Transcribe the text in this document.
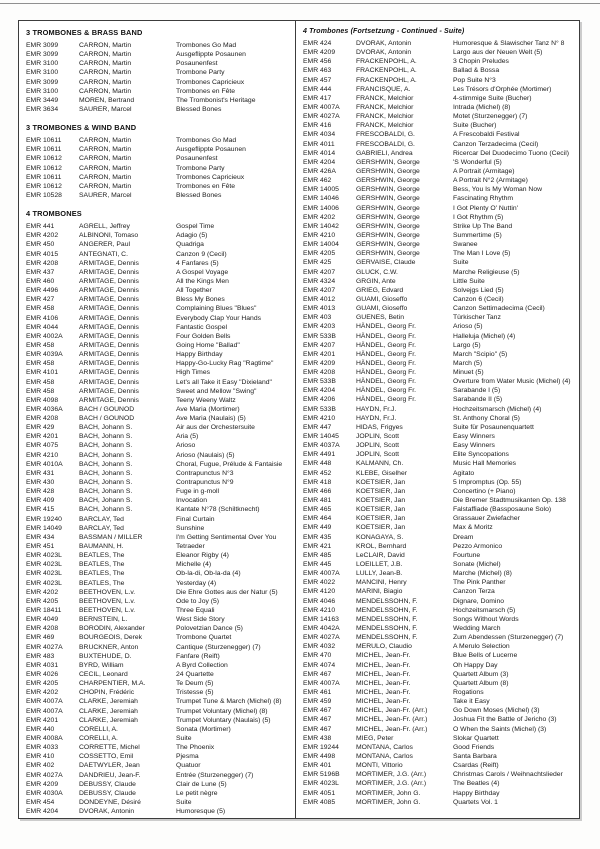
3 TROMBONES & BRASS BAND
EMR 3099	CARRON, Martin	Trombones Go Mad
EMR 3099	CARRON, Martin	Ausgeflippte Posaunen
EMR 3100	CARRON, Martin	Posaunenfest
EMR 3100	CARRON, Martin	Trombone Party
EMR 3099	CARRON, Martin	Trombones Capricieux
EMR 3100	CARRON, Martin	Trombones en Fête
EMR 3449	MOREN, Bertrand	The Trombonist's Heritage
EMR 3634	SAURER, Marcel	Blessed Bones
3 TROMBONES & WIND BAND
EMR 10611	CARRON, Martin	Trombones Go Mad
EMR 10611	CARRON, Martin	Ausgeflippte Posaunen
EMR 10612	CARRON, Martin	Posaunenfest
EMR 10612	CARRON, Martin	Trombone Party
EMR 10611	CARRON, Martin	Trombones Capricieux
EMR 10612	CARRON, Martin	Trombones en Fête
EMR 10528	SAURER, Marcel	Blessed Bones
4 TROMBONES
EMR 441	AGRELL, Jeffrey	Gospel Time
EMR 4202	ALBINONI, Tomaso	Adagio (5)
EMR 450	ANGERER, Paul	Quadriga
EMR 4015	ANTEGNATI, C.	Canzon 9 (Cecil)
EMR 4208	ARMITAGE, Dennis	4 Fanfares (5)
EMR 437	ARMITAGE, Dennis	A Gospel Voyage
EMR 460	ARMITAGE, Dennis	All the Kings Men
EMR 4496	ARMITAGE, Dennis	All Together
EMR 427	ARMITAGE, Dennis	Bless My Bones
EMR 458	ARMITAGE, Dennis	Complaining Blues "Blues"
EMR 4106	ARMITAGE, Dennis	Everybody Clap Your Hands
EMR 4044	ARMITAGE, Dennis	Fantastic Gospel
EMR 4002A	ARMITAGE, Dennis	Four Golden Bells
EMR 458	ARMITAGE, Dennis	Going Home "Ballad"
EMR 4039A	ARMITAGE, Dennis	Happy Birthday
EMR 458	ARMITAGE, Dennis	Happy-Go-Lucky Rag "Ragtime"
EMR 4101	ARMITAGE, Dennis	High Times
EMR 458	ARMITAGE, Dennis	Let's all Take it Easy "Dixieland"
EMR 458	ARMITAGE, Dennis	Sweet and Mellow "Swing"
EMR 4098	ARMITAGE, Dennis	Teeny Weeny Waltz
EMR 4036A	BACH / GOUNOD	Ave Maria (Mortimer)
EMR 4208	BACH / GOUNOD	Ave Maria (Naulais) (5)
EMR 429	BACH, Johann S.	Air aus der Orchestersuite
EMR 4201	BACH, Johann S.	Aria (5)
EMR 4075	BACH, Johann S.	Arioso
EMR 4210	BACH, Johann S.	Arioso (Naulais) (5)
EMR 4010A	BACH, Johann S.	Choral, Fugue, Prélude & Fantaisie
EMR 431	BACH, Johann S.	Contrapunctus N°3
EMR 430	BACH, Johann S.	Contrapunctus N°9
EMR 428	BACH, Johann S.	Fuge in g-moll
EMR 409	BACH, Johann S.	Invocation
EMR 415	BACH, Johann S.	Kantate N°78 (Schiltknecht)
EMR 19240	BARCLAY, Ted	Final Curtain
EMR 14049	BARCLAY, Ted	Sunshine
EMR 434	BASSMAN / MILLER	I'm Getting Sentimental Over You
EMR 451	BAUMANN, H.	Tetraeder
EMR 4023L	BEATLES, The	Eleanor Rigby (4)
EMR 4023L	BEATLES, The	Michelle (4)
EMR 4023L	BEATLES, The	Ob-la-di, Ob-la-da (4)
EMR 4023L	BEATLES, The	Yesterday (4)
EMR 4202	BEETHOVEN, L.v.	Die Ehre Gottes aus der Natur (5)
EMR 4205	BEETHOVEN, L.v.	Ode to Joy (5)
EMR 18411	BEETHOVEN, L.v.	Three Equali
EMR 4049	BERNSTEIN, L.	West Side Story
EMR 4208	BORODIN, Alexander	Polovetzian Dance (5)
EMR 469	BOURGEOIS, Derek	Trombone Quartet
EMR 4027A	BRUCKNER, Anton	Cantique (Sturzenegger) (7)
EMR 483	BUXTEHUDE, D.	Fanfare (Reift)
EMR 4031	BYRD, William	A Byrd Collection
EMR 4026	CECIL, Leonard	24 Quartette
EMR 4205	CHARPENTIER, M.A.	Te Deum (5)
EMR 4202	CHOPIN, Frédéric	Tristesse (5)
EMR 4007A	CLARKE, Jeremiah	Trumpet Tune & March (Michel) (8)
EMR 4007A	CLARKE, Jeremiah	Trumpet Voluntary (Michel) (8)
EMR 4201	CLARKE, Jeremiah	Trumpet Voluntary (Naulais) (5)
EMR 440	CORELLI, A.	Sonata (Mortimer)
EMR 4008A	CORELLI, A.	Suite
EMR 4033	CORRETTE, Michel	The Phoenix
EMR 410	COSSETTO, Emil	Pjesma
EMR 402	DAETWYLER, Jean	Quatuor
EMR 4027A	DANDRIEU, Jean-F.	Entrée (Sturzenegger) (7)
EMR 4209	DEBUSSY, Claude	Clair de Lune (5)
EMR 4030A	DEBUSSY, Claude	Le petit nègre
EMR 454	DONDEYNE, Désiré	Suite
EMR 4204	DVORAK, Antonin	Humoresque (5)
4 Trombones (Fortsetzung - Continued - Suite)
EMR 424	DVORAK, Antonin	Humoresque & Slawischer Tanz N° 8
EMR 4209	DVORAK, Antonin	Largo aus der Neuen Welt (5)
EMR 456	FRACKENPOHL, A.	3 Chopin Preludes
EMR 463	FRACKENPOHL, A.	Ballad & Bossa
EMR 457	FRACKENPOHL, A.	Pop Suite N°3
EMR 444	FRANCISQUE, A.	Les Trésors d'Orphée (Mortimer)
EMR 417	FRANCK, Melchior	4-stimmige Suite (Bucher)
EMR 4007A	FRANCK, Melchior	Intrada (Michel) (8)
EMR 4027A	FRANCK, Melchior	Motet (Sturzenegger) (7)
EMR 416	FRANCK, Melchior	Suite (Bucher)
EMR 4034	FRESCOBALDI, G.	A Frescobaldi Festival
EMR 4011	FRESCOBALDI, G.	Canzon Terzadecima (Cecil)
EMR 4014	GABRIELI, Andrea	Ricercar Del Duodecimo Tuono (Cecil)
EMR 4204	GERSHWIN, George	'S Wonderful (5)
EMR 426A	GERSHWIN, George	A Portrait (Armitage)
EMR 462	GERSHWIN, George	A Portrait N°2 (Armitage)
EMR 14005	GERSHWIN, George	Bess, You Is My Woman Now
EMR 14046	GERSHWIN, George	Fascinating Rhythm
EMR 14006	GERSHWIN, George	I Got Plenty O' Nuttin'
EMR 4202	GERSHWIN, George	I Got Rhythm (5)
EMR 14042	GERSHWIN, George	Strike Up The Band
EMR 4210	GERSHWIN, George	Summertime (5)
EMR 14004	GERSHWIN, George	Swanee
EMR 4205	GERSHWIN, George	The Man I Love (5)
EMR 425	GERVAISE, Claude	Suite
EMR 4207	GLUCK, C.W.	Marche Religieuse (5)
EMR 4324	GRGIN, Ante	Little Suite
EMR 4207	GRIEG, Edvard	Solvejgs Lied (5)
EMR 4012	GUAMI, Gioseffo	Canzon 6 (Cecil)
EMR 4013	GUAMI, Gioseffo	Canzon Settimadecima (Cecil)
EMR 403	GUENES, Betin	Türkischer Tanz
EMR 4203	HÄNDEL, Georg Fr.	Arioso (5)
EMR 533B	HÄNDEL, Georg Fr.	Halleluja (Michel) (4)
EMR 4207	HÄNDEL, Georg Fr.	Largo (5)
EMR 4201	HÄNDEL, Georg Fr.	March "Scipio" (5)
EMR 4209	HÄNDEL, Georg Fr.	March (5)
EMR 4208	HÄNDEL, Georg Fr.	Minuet (5)
EMR 533B	HÄNDEL, Georg Fr.	Overture from Water Music (Michel) (4)
EMR 4204	HÄNDEL, Georg Fr.	Sarabande I (5)
EMR 4206	HÄNDEL, Georg Fr.	Sarabande II (5)
EMR 533B	HAYDN, Fr.J.	Hochzeitsmarsch (Michel) (4)
EMR 4210	HAYDN, Fr.J.	St. Anthony Choral (5)
EMR 447	HIDAS, Frigyes	Suite für Posaunenquartett
EMR 14045	JOPLIN, Scott	Easy Winners
EMR 4037A	JOPLIN, Scott	Easy Winners
EMR 4491	JOPLIN, Scott	Elite Syncopations
EMR 448	KALMANN, Ch.	Music Hall Memories
EMR 452	KLEBE, Giselher	Agitato
EMR 418	KOETSIER, Jan	5 Impromptus (Op. 55)
EMR 466	KOETSIER, Jan	Concertino (+ Piano)
EMR 481	KOETSIER, Jan	Die Bremer Stadtmusikanten Op. 138
EMR 465	KOETSIER, Jan	Falstaffiade (Bassposaune Solo)
EMR 464	KOETSIER, Jan	Grassauer Zwiefacher
EMR 449	KOETSIER, Jan	Max & Moritz
EMR 435	KONAGAYA, S.	Dream
EMR 421	KROL, Bernhard	Pezzo Armonico
EMR 485	LeCLAIR, David	Fourtune
EMR 445	LOEILLET, J.B.	Sonate (Michel)
EMR 4007A	LULLY, Jean-B.	Marche (Michel) (8)
EMR 4022	MANCINI, Henry	The Pink Panther
EMR 4120	MARINI, Biagio	Canzon Terza
EMR 4046	MENDELSSOHN, F.	Dignare, Domino
EMR 4210	MENDELSSOHN, F.	Hochzeitsmarsch (5)
EMR 14163	MENDELSSOHN, F.	Songs Without Words
EMR 4042A	MENDELSSOHN, F.	Wedding March
EMR 4027A	MENDELSSOHN, F.	Zum Abendessen (Sturzenegger) (7)
EMR 4032	MERULO, Claudio	A Merulo Selection
EMR 470	MICHEL, Jean-Fr.	Blue Bells of Lucerne
EMR 4074	MICHEL, Jean-Fr.	Oh Happy Day
EMR 467	MICHEL, Jean-Fr.	Quartett Album (3)
EMR 4007A	MICHEL, Jean-Fr.	Quartett Album (8)
EMR 461	MICHEL, Jean-Fr.	Rogations
EMR 459	MICHEL, Jean-Fr.	Take it Easy
EMR 467	MICHEL, Jean-Fr. (Arr.)	Go Down Moses (Michel) (3)
EMR 467	MICHEL, Jean-Fr. (Arr.)	Joshua Fit the Battle of Jericho (3)
EMR 467	MICHEL, Jean-Fr. (Arr.)	O When the Saints (Michel) (3)
EMR 438	MIEG, Peter	Slokar Quartett
EMR 19244	MONTANA, Carlos	Good Friends
EMR 4498	MONTANA, Carlos	Santa Barbara
EMR 401	MONTI, Vittorio	Csardas (Reift)
EMR 5196B	MORTIMER, J.G. (Arr.)	Christmas Carols / Weihnachtslieder
EMR 4023L	MORTIMER, J.G. (Arr.)	The Beatles (4)
EMR 4051	MORTIMER, John G.	Happy Birthday
EMR 4085	MORTIMER, John G.	Quartets Vol. 1
